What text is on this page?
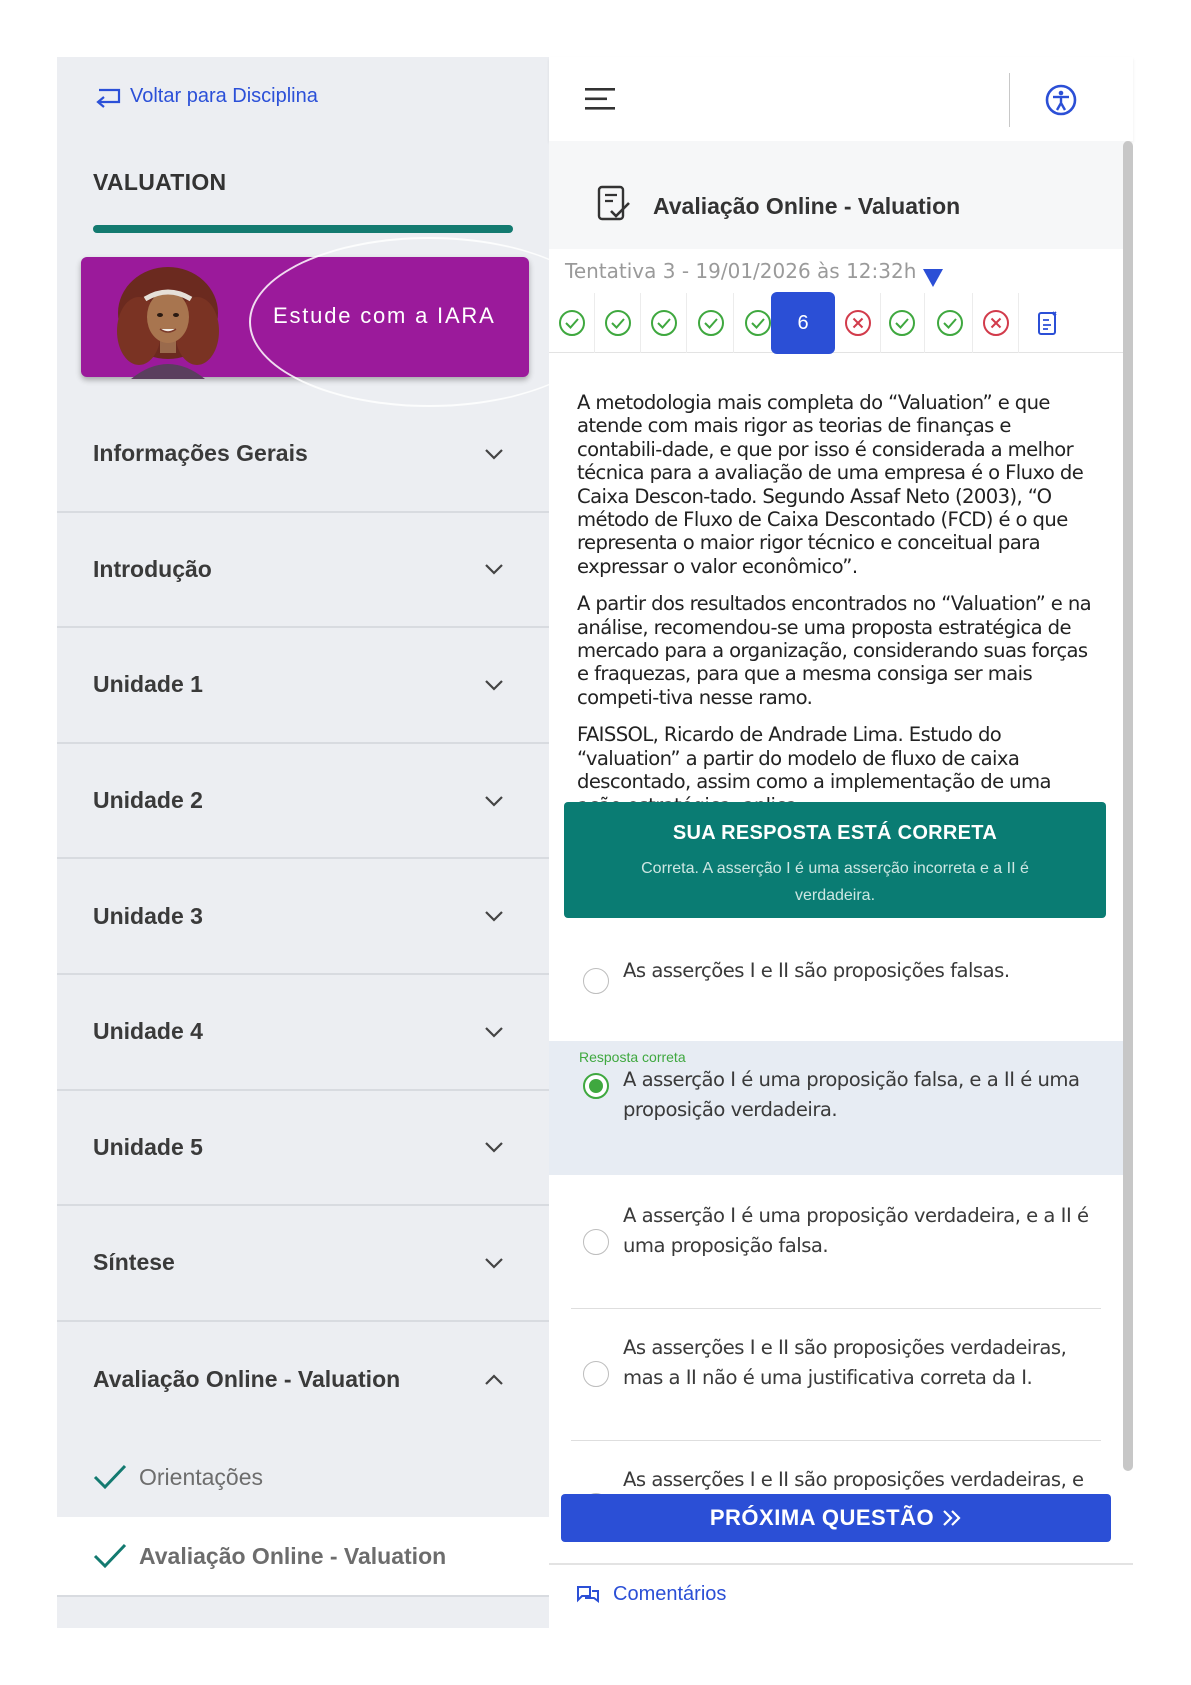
Voltar para Disciplina
VALUATION
Estude com a IARA
Informações Gerais
Introdução
Unidade 1
Unidade 2
Unidade 3
Unidade 4
Unidade 5
Síntese
Avaliação Online - Valuation
Orientações
Avaliação Online - Valuation
Avaliação Online - Valuation
Tentativa 3 - 19/01/2026 às 12:32h
6

A metodologia mais completa do “Valuation” e que atende com mais rigor as teorias de finanças e contabili-dade, e que por isso é considerada a melhor técnica para a avaliação de uma empresa é o Fluxo de Caixa Descon-tado. Segundo Assaf Neto (2003), “O método de Fluxo de Caixa Descontado (FCD) é o que representa o maior rigor técnico e conceitual para expressar o valor econômico”.

A partir dos resultados encontrados no “Valuation” e na análise, recomendou-se uma proposta estratégica de mercado para a organização, considerando suas forças e fraquezas, para que a mesma consiga ser mais competi-tiva nesse ramo.

FAISSOL, Ricardo de Andrade Lima. Estudo do “valuation” a partir do modelo de fluxo de caixa descontado, assim como a implementação de uma

SUA RESPOSTA ESTÁ CORRETA
Correta. A asserção I é uma asserção incorreta e a II é verdadeira.
As asserções I e II são proposições falsas.
Resposta correta
A asserção I é uma proposição falsa, e a II é uma proposição verdadeira.
A asserção I é uma proposição verdadeira, e a II é uma proposição falsa.
As asserções I e II são proposições verdadeiras, mas a II não é uma justificativa correta da I.
As asserções I e II são proposições verdadeiras, e
PRÓXIMA QUESTÃO
Comentários
